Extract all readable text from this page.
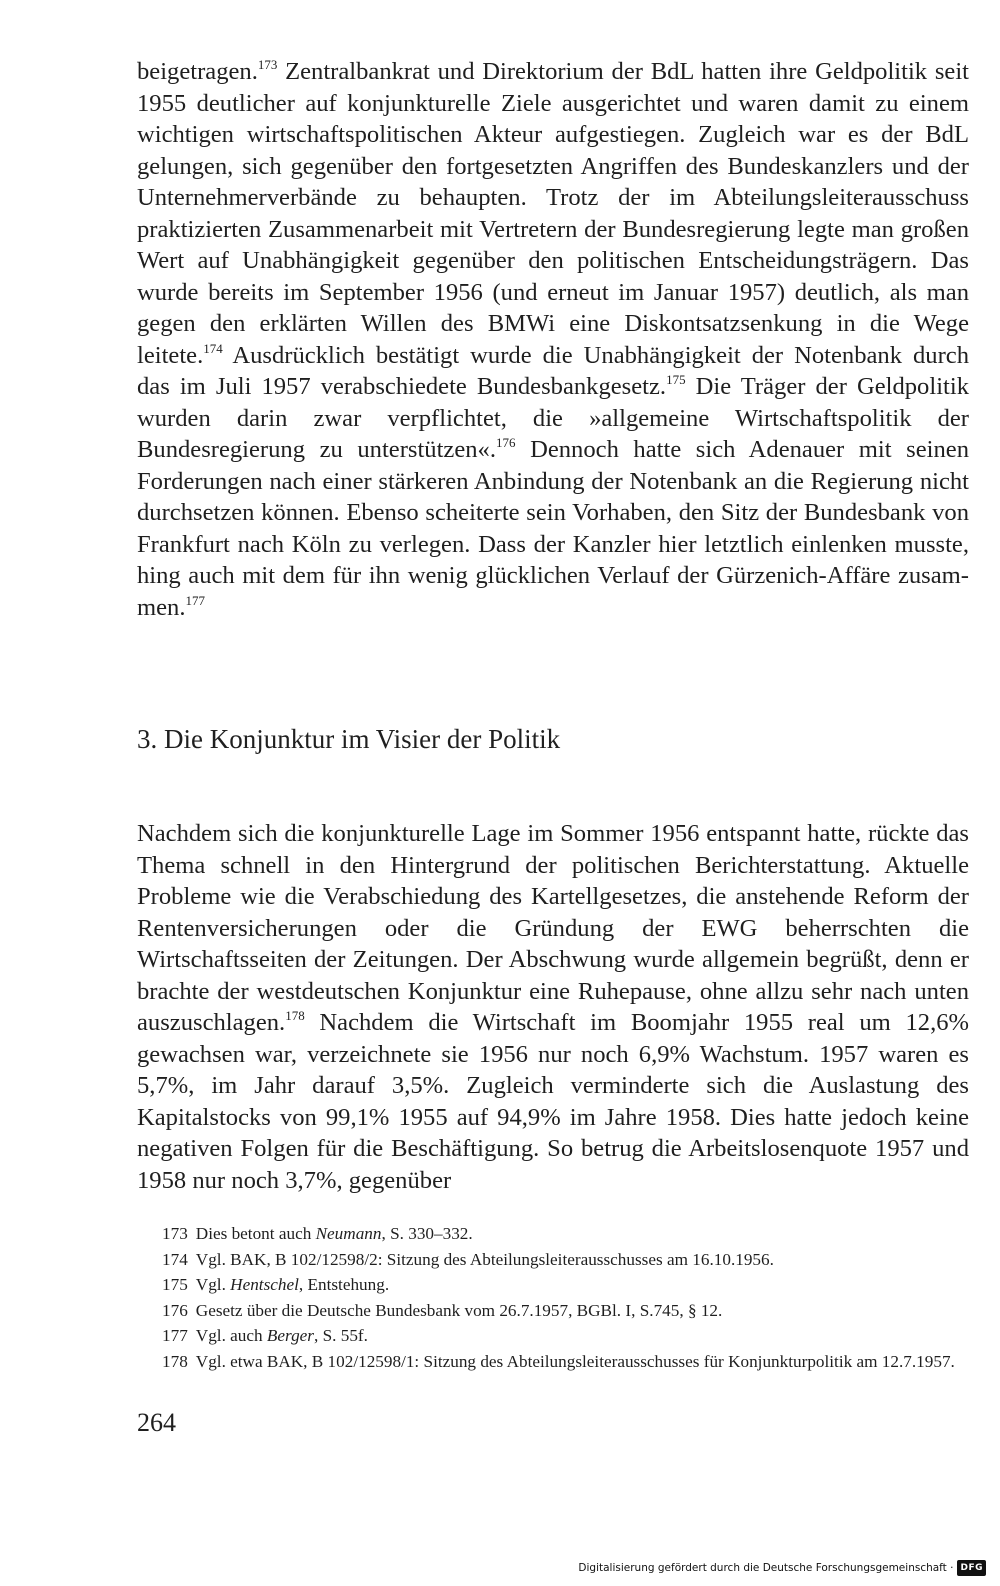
beigetragen.$^{173}$ Zentralbankrat und Direktorium der BdL hatten ihre Geldpolitik seit 1955 deutlicher auf konjunkturelle Ziele ausgerichtet und waren damit zu einem wichtigen wirtschaftspolitischen Akteur aufgestiegen. Zugleich war es der BdL gelungen, sich gegenüber den fortgesetzten Angriffen des Bundeskanzlers und der Unternehmerverbände zu behaupten. Trotz der im Abteilungsleiterausschuss praktizierten Zusammenarbeit mit Vertretern der Bundesregierung legte man großen Wert auf Unabhängigkeit gegenüber den politischen Entscheidungsträgern. Das wurde bereits im September 1956 (und erneut im Januar 1957) deutlich, als man gegen den erklärten Willen des BMWi eine Diskontsatzsenkung in die Wege leitete.$^{174}$ Ausdrücklich bestätigt wurde die Unabhängigkeit der Notenbank durch das im Juli 1957 verabschiedete Bundesbankgesetz.$^{175}$ Die Träger der Geldpolitik wurden darin zwar verpflichtet, die »allgemeine Wirtschaftspolitik der Bundesregierung zu unterstützen«.$^{176}$ Dennoch hatte sich Adenauer mit seinen Forderungen nach einer stärkeren Anbindung der Notenbank an die Regierung nicht durchsetzen können. Ebenso scheiterte sein Vorhaben, den Sitz der Bundesbank von Frankfurt nach Köln zu verlegen. Dass der Kanzler hier letztlich einlenken musste, hing auch mit dem für ihn wenig glücklichen Verlauf der Gürzenich-Affäre zusammen.$^{177}$

3. Die Konjunktur im Visier der Politik

Nachdem sich die konjunkturelle Lage im Sommer 1956 entspannt hatte, rückte das Thema schnell in den Hintergrund der politischen Berichterstattung. Aktuelle Probleme wie die Verabschiedung des Kartellgesetzes, die anstehende Reform der Rentenversicherungen oder die Gründung der EWG beherrschten die Wirtschaftsseiten der Zeitungen. Der Abschwung wurde allgemein begrüßt, denn er brachte der westdeutschen Konjunktur eine Ruhepause, ohne allzu sehr nach unten auszuschlagen.$^{178}$ Nachdem die Wirtschaft im Boomjahr 1955 real um 12,6% gewachsen war, verzeichnete sie 1956 nur noch 6,9% Wachstum. 1957 waren es 5,7%, im Jahr darauf 3,5%. Zugleich verminderte sich die Auslastung des Kapitalstocks von 99,1% 1955 auf 94,9% im Jahre 1958. Dies hatte jedoch keine negativen Folgen für die Beschäftigung. So betrug die Arbeitslosenquote 1957 und 1958 nur noch 3,7%, gegenüber

173 Dies betont auch Neumann, S. 330–332.
174 Vgl. BAK, B 102/12598/2: Sitzung des Abteilungsleiterausschusses am 16.10.1956.
175 Vgl. Hentschel, Entstehung.
176 Gesetz über die Deutsche Bundesbank vom 26.7.1957, BGBl. I, S.745, § 12.
177 Vgl. auch Berger, S. 55f.
178 Vgl. etwa BAK, B 102/12598/1: Sitzung des Abteilungsleiterausschusses für Konjunkturpolitik am 12.7.1957.
264
Digitalisierung gefördert durch die Deutsche Forschungsgemeinschaft · DFG
